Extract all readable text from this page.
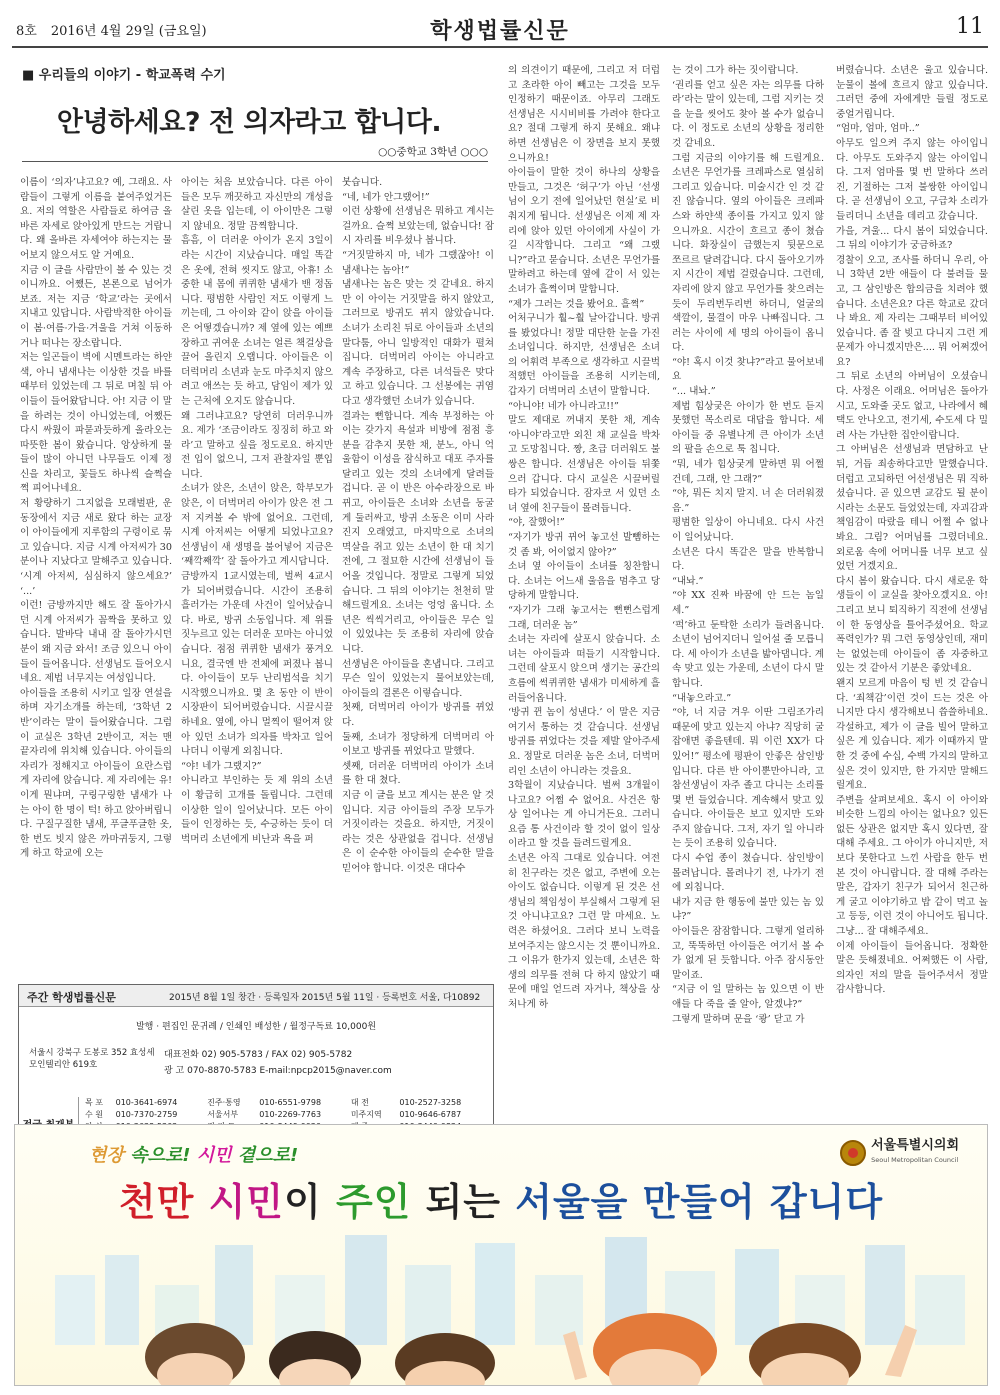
8호 2016년 4월 29일 (금요일)	학생법률신문	11
■ 우리들의 이야기 - 학교폭력 수기
안녕하세요? 전 의자라고 합니다.
○○중학교 3학년 ○○○

이름이 ‘의자’냐고요? 예, 그래요. 사람들이 그렇게 이름을 붙여주었거든요. 저의 역할은 사람들로 하여금 올바른 자세로 앉아있게 만드는 거랍니다. 왜 올바른 자세여야 하는지는 물어보지 않으셔도 알 거예요.

지금 이 글을 사람만이 볼 수 있는 것이니까요. 어쨌든, 본론으로 넘어가보죠. 저는 지금 ‘학교’라는 곳에서 지내고 있답니다. 사람박적한 아이들이 봄·여름·가을·겨울을 거쳐 이동하거나 떠나는 장소랍니다.

저는 일곤들이 벽에 시멘트라는 하얀색, 아니 냄새나는 이상한 것을 바를 때부터 있었는데 그 뒤로 며칠 뒤 아이들이 들어왔답니다. 아! 지금 이 말을 하려는 것이 아니었는데, 어쨌든 다시 싸웠이 파묻과듯하게 올라오는 따뜻한 봄이 왔습니다. 앙상하게 물들이 많이 아니던 나무들도 이제 정신을 차리고, 꽃들도 하나씩 슬쩍슬쩍 피어나네요.

저 황량하기 그지없을 모래벌판, 운동장에서 지금 새로 왔다 하는 교장이 아이들에게 지루함의 구령이로 묶고 있습니다. 지금 시계 아저씨가 30분이나 지났다고 말해주고 있습니다. ‘시계 아저씨, 심심하지 않으세요?’ ‘...’

이런! 금방까지만 해도 잘 돌아가시던 시계 아저씨가 꼼짝을 못하고 있습니다. 발바닥 내내 잘 돌아가시던 분이 왜 지금 와서! 조금 있으니 아이들이 들어옵니다. 선생님도 들어오시네요. 제법 너무지는 여성입니다.

아이들을 조용히 시키고 일장 연설을 하며 자기소개를 하는데, ‘3학년 2반’이라는 말이 들어왔습니다. 그럼 이 교실은 3학년 2반이고, 저는 맨 끝자리에 위치해 있습니다. 아이들의 자리가 정해지고 아이들이 요란스럽게 자리에 앉습니다. 제 자리에는 유! 이게 뭔냐며, 구링구링한 냄새가 나는 아이 한 명이 턱! 하고 앉아버립니다. 구질구질한 냄새, 푸글푸글한 옷, 한 번도 빗지 않은 까마귀둥지, 그렇게 하고 학교에 오는

아이는 처음 보았습니다. 다른 아이들은 모두 깨끗하고 자신만의 개성을 살린 옷을 입는데, 이 아이만은 그렇지 않네요. 정말 끔찍합니다.

흠흠, 이 더러운 아이가 온지 3일이라는 시간이 지났습니다. 매일 똑같은 옷에, 전혀 씻지도 않고, 아휴! 소중한 내 몸에 퀴퀴한 냄새가 밴 정돕니다. 평범한 사람인 저도 이렇게 느끼는데, 그 아이와 같이 앉을 아이들은 어떻겠습니까? 제 옆에 있는 예쁘장하고 귀여운 소녀는 얼른 책걸상을 끌어 올린지 오랩니다. 아이들은 이 더럭머리 소년과 눈도 마주치지 않으려고 애쓰는 듯 하고, 담임이 제가 있는 근처에 오지도 않습니다.

왜 그러냐고요? 당연히 더러우니까요. 제가 ‘조금이라도 징징히 하고 와라’고 말하고 싶을 정도로요. 하지만 전 입이 없으니, 그저 관찰자일 뿐입니다.

소녀가 앉은, 소년이 앉은, 학부모가 앉은, 이 더벅머리 아이가 앉은 전 그저 지켜볼 수 밖에 없어요. 그런데, 시계 아저씨는 어떻게 되었나고요? 선생님이 새 생명을 불어넣어 지금은 ‘째깍째깍’ 잘 돌아가고 계시답니다.

금방까지 1교시였는데, 벌써 4교시가 되어버렸습니다. 시간이 조용히 흘러가는 가운데 사건이 일어났습니다. 바로, 방귀 소동입니다. 제 위를 짓누르고 있는 더러운 꼬마는 아니었습니다. 점점 퀴퀴한 냄새가 풍겨오니요, 결국엔 반 전체에 퍼졌나 봅니다. 아이들이 모두 난리법석을 치기 시작했으니까요. 몇 초 동안 이 반이 시장판이 되어버렸습니다. 시끌시끌하네요. 옆에, 아니 멀찍이 떨어져 앉아 있던 소녀가 의자를 박차고 일어나더니 이렇게 외칩니다.

“야! 네가 그랬지?”

아니라고 부인하는 듯 제 위의 소년이 황급히 고개를 돌립니다. 그런데 이상한 일이 일어났니다. 모든 아이들이 인정하는 듯, 수긍하는 듯이 더벅머리 소년에게 비난과 욕을 퍼

붓습니다.

“네, 네가 안그랬어!”

이런 상황에 선생님은 뭐하고 계시는 걸까요. 슬쩍 보았는데, 없습니다! 잠시 자리를 비우셨나 봅니다.

“거짓말하지 마, 네가 그랬잖아! 이 냄새나는 놈아!”

냄새나는 놈은 맞는 것 같네요. 하지만 이 아이는 거짓말을 하지 않았고, 그러므로 방귀도 뀌지 않았습니다. 소녀가 소리친 뒤로 아이들과 소년의 말다툼, 아니 일방적인 대화가 펼쳐집니다. 더벅머리 아이는 아니라고 계속 주장하고, 다른 녀석들은 맞다고 하고 있습니다. 그 선봉에는 귀염다고 생각했던 소녀가 있습니다.

결과는 뻔합니다. 계속 부정하는 아이는 갖가지 욕설과 비방에 점점 흥분을 감추지 못한 채, 분노, 아니 억울함이 이성을 잠식하고 대포 주자를 달리고 있는 것의 소녀에게 달려들 겁니다. 곧 이 반은 아수라장으로 바뀌고, 아이들은 소녀와 소년을 동굴게 둘러싸고, 방귀 소동은 이미 사라진지 오래였고, 마지막으로 소녀의 멱살을 쥐고 있는 소년이 한 대 치기 전에, 그 절묘한 시간에 선생님이 들어올 것입니다. 정말로 그렇게 되었습니다. 그 뒤의 이야기는 천천히 말해드릴게요. 소녀는 엉엉 웁니다. 소년은 씩씩거리고, 아이들은 무슨 일이 있었냐는 듯 조용히 자리에 앉습니다.

선생님은 아이들을 혼냅니다. 그리고 무슨 일이 있었는지 물어보았는데, 아이들의 결론은 이렇습니다.

첫째, 더벅머리 아이가 방귀를 뀌었다.

둘째, 소녀가 정당하게 더벅머리 아이보고 방귀를 뀌었다고 말했다.

셋째, 더러운 더벅머리 아이가 소녀를 한 대 쳤다.

지금 이 글을 보고 계시는 분은 알 것입니다. 지금 아이들의 주장 모두가 거짓이라는 것을요. 하지만, 거짓이라는 것은 상관없을 겁니다. 선생님은 이 순수한 아이들의 순수한 말을 믿어야 합니다. 이것은 대다수

의 의견이기 때문에, 그리고 저 더럽고 초라한 아이 빼고는 그것을 모두 인정하기 때문이죠. 아무리 그래도 선생님은 시시비비를 가려야 한다고요? 절대 그렇게 하지 못해요. 왜냐하면 선생님은 이 장면을 보지 못했으니까요!

아이들이 말한 것이 하나의 상황을 만들고, 그것은 ‘허구’가 아닌 ‘선생님이 오기 전에 일어났던 현실’로 비춰지게 됩니다. 선생님은 이제 제 자리에 앉아 있던 아이에게 사실이 가길 시작합니다. 그리고 “왜 그랬니?”라고 묻습니다. 소년은 무언가를 말하려고 하는데 옆에 같이 서 있는 소녀가 흘쩍이며 말합니다.

“제가 그러는 것을 봤어요. 흘쩍”

어처구니가 훨~훨 날아갑니다. 방귀를 봤었다니! 정말 대단한 눈을 가진 소녀입니다. 하지만, 선생님은 소녀의 어휘력 부족으로 생각하고 시끌벅적했던 아이들을 조용히 시키는데, 갑자기 더벅머리 소년이 말합니다.

“아니야! 네가 아니라고!!”

말도 제대로 꺼내지 못한 채, 계속 ‘아니야’라고만 외친 채 교실을 박차고 도망칩니다. 짱, 초급 더러워도 불쌍은 합니다. 선생님은 아이들 뒤쫓으러 갑니다. 다시 교실은 시끌버릴 타가 되었습니다. 잠자코 서 있던 소녀 옆에 친구들이 몰려듭니다.

“야, 잘했어!”

“자기가 방귀 뀌어 놓고선 발뺌하는 것 좀 봐, 어이없지 않아?”

소녀 옆 아이들이 소녀를 칭찬합니다. 소녀는 어느새 울음을 멈추고 당당하게 말합니다.

“자기가 그래 놓고서는 뻔뻔스럽게 그래, 더러운 놈”

소녀는 자리에 살포시 앉습니다. 소녀는 아이들과 떠들기 시작합니다. 그런데 살포시 앉으며 생기는 공간의 흐름에 썩퀴퀴한 냄새가 미세하게 흘러들어옵니다.

‘방귀 뀐 놈이 성낸다.’ 이 말은 지금 여기서 통하는 것 같습니다. 선생님 방귀를 뀌었다는 것을 제발 알아주세요. 정말로 더러운 놈은 소녀, 더벅머리인 소년이 아니라는 것을요.

3학월이 지났습니다. 벌써 3개월이나고요? 어쩜 수 없어요. 사건은 항상 일어나는 게 아니거든요. 그러니요즘 통 사건이라 할 것이 없이 일상이라고 할 것을 들려드릴게요.

소년은 아직 그대로 있습니다. 여전히 친구라는 것은 없고, 주변에 오는 아이도 없습니다. 이렇게 된 것은 선생님의 책임성이 부실해서 그렇게 된 것 아니냐고요? 그런 말 마세요. 노력은 하셨어요. 그러다 보니 노력을 보여주지는 않으시는 것 뿐이니까요. 그 이유가 한가지 있는데, 소년은 학생의 의무를 전혀 다 하지 않았기 때문에 매일 얻드려 자거나, 책상을 상처나게 하

는 것이 그가 하는 짓이랍니다.

‘권리를 얻고 싶은 자는 의무를 다하라’라는 말이 있는데, 그럼 지키는 것을 눈을 씻어도 찾아 볼 수가 없습니다. 이 정도로 소년의 상황을 정리한 것 같네요.

그럼 지금의 이야기를 해 드릴게요. 소년은 무언가를 크레파스로 열심히 그리고 있습니다. 미술시간 인 것 같진 않습니다. 옆의 아이들은 크레파스와 하얀색 종이를 가지고 있지 않으니까요. 시간이 흐르고 종이 쳤습니다. 화장실이 급했는지 뒷문으로 쪼르르 달려갑니다. 다시 돌아오기까지 시간이 제법 걸렸습니다. 그런데, 자리에 앉지 않고 무언가를 찾으려는 듯이 두리번두리번 하더니, 얼굴의 색깔이, 물결이 마우 나빠집니다. 그러는 사이에 세 명의 아이들이 옵니다.

“야! 혹시 이것 찾냐?”라고 물어보네요

“... 내놔.”

제법 힘상궂은 아이가 한 번도 듣지 못했던 목소리로 대답을 합니다. 세 아이들 중 유별나게 큰 아이가 소년의 팔을 손으로 툭 칩니다.

“뭐, 네가 힘상궂게 말하면 뭐 어쩔건데, 그래, 안 그래?”

“야, 뭐든 치지 말지. 너 손 더러워졌음.”

평범한 일상이 아니네요. 다시 사건이 일어났니다.

소년은 다시 똑같은 말을 반복합니다.

“내놔.”

“야 XX 진짜 바꿈에 안 드는 놈일세.”

‘퍽’하고 둔탁한 소리가 들려옵니다. 소년이 넘어지더니 일어설 줄 모릅니다. 세 아이가 소년을 밟아댑니다. 계속 맞고 있는 가운데, 소년이 다시 말합니다.

“내놓으라고.”

“야, 너 지금 겨우 이딴 그림조가리 때문에 맞고 있는지 아냐? 직당히 굴잡애면 좋을텐데. 뭐 이런 XX가 다 있어!” 평소에 평판이 안좋은 삼인방입니다. 다른 반 아이뿐만아니라, 고참선생님이 자주 졸고 다니는 소리를 몇 번 들었습니다. 계속해서 맞고 있습니다. 아이들은 보고 있지만 도와주지 않습니다. 그저, 자기 일 아니라는 듯이 조용히 있습니다.

다시 수업 종이 쳤습니다. 삼인방이 몰려납니다. 몰려나기 전, 나가기 전에 외칩니다.

내가 지금 한 행동에 불만 있는 놈 있냐?”

아이들은 잠잠합니다. 그렇게 얼리하고, 뚝뚝하던 아이들은 여기서 볼 수가 없게 된 듯합니다. 아주 잠시동안 말이죠.

“지금 이 일 말하는 놈 있으면 이 반 애들 다 죽을 줄 알아, 알겠냐?”

그렇게 말하며 문을 ‘쾅’ 닫고 가

버렸습니다. 소년은 울고 있습니다. 눈물이 볼에 흐르지 않고 있습니다. 그러던 중에 자에게만 들릴 정도로 중얼거립니다.

“엄마, 엄마, 엄마..”

아무도 일으켜 주지 않는 아이입니다. 아무도 도와주지 않는 아이입니다. 그저 엄마를 몇 번 말하다 쓰러진, 기절하는 그저 불쌍한 아이입니다. 곧 선생님이 오고, 구급차 소리가 들리더니 소년을 데리고 갔습니다.

가을, 겨울... 다시 봄이 되었습니다. 그 뒤의 이야기가 궁금하죠?

경찰이 오고, 조사를 하더니 우리, 아니 3학년 2반 애들이 다 불려들 물고, 그 삼인방은 합의금을 치려야 했습니다. 소년은요? 다른 학교로 갔더나 봐요. 제 자리는 그때부터 비어있었습니다. 좀 잘 빚고 다니지 그런 게 문제가 아니겠지만은.... 뭐 어쩌겠어요?

그 뒤로 소년의 아버님이 오셨습니다. 사정은 이래요. 어머님은 돌아가시고, 도와줄 곳도 없고, 나라에서 혜택도 안나오고, 전기세, 수도세 다 밀려 사는 가난한 집안이랍니다.

그 아버님은 선생님과 면담하고 난 뒤, 거듭 죄송하다고만 말했습니다. 더럽고 고되하던 어선생님은 뭐 직하셨습니다. 곧 있으면 교감도 될 분이시라는 소문도 들었었는데, 자괴감과 책임감이 따랐을 테니 어쩔 수 없나봐요. 그림? 어머님를 그렸더네요. 외로움 속에 어머니를 너무 보고 싶었던 거겠지요.

다시 봄이 왔습니다. 다시 새로운 학생들이 이 교실을 찾아오겠지요. 아! 그리고 보니 퇴직하기 직전에 선생님이 한 동영상을 틀어주셨어요. 학교폭력인가? 뭐 그런 동영상인데, 재미는 없었는데 아이들이 좀 자중하고 있는 것 같아서 기분은 좋았네요.

왠지 모르게 마음이 텅 빈 것 같습니다. ‘죄책감’이런 것이 드는 것은 아니지만 다시 생각해보니 씁쓸하네요. 각설하고, 제가 이 글을 빌어 말하고 싶은 게 있습니다. 제가 이때까지 말한 것 중에 수십, 수백 가지의 말하고 싶은 것이 있지만, 한 가지만 말해드릴게요.

주변을 살펴보세요. 혹시 이 아이와 비슷한 느낌의 아이는 없나요? 있든 없든 상관은 없지만 혹시 있다면, 잘 대해 주세요. 그 아이가 아니지만, 저보다 못한다고 느낀 사람을 한두 번 본 것이 아니랍니다. 잘 대해 주라는 말은, 갑자기 친구가 되어서 친근하게 굴고 이야기하고 밥 같이 먹고 놀고 등등, 이런 것이 아니어도 됩니다. 그냥... 잘 대해주세요.

이제 아이들이 들어옵니다. 정확한 말은 듯해졌네요. 어쩌했든 이 사람, 의자인 저의 말을 들어주셔서 정말 감사합니다.

주간 학생법률신문	2015년 8월 1일 창간 · 등록일자 2015년 5월 11일 · 등록번호 서울, 다10892
발행 · 편집인 문귀례 / 인쇄인 배성한 / 월정구독료 10,000원
서울시 강북구 도봉로 352 효성세모인텔리안 619호
대표전화 02) 905-5783 / FAX 02) 905-5782
광 고 070-8870-5783 E-mail:npcp2015@naver.com
목 포	010-3641-6974	진주·통영	010-6551-9798	대 전	010-2527-3258
수 원	010-7370-2759	서울서부	010-2269-7763	미주지역	010-9646-6787

현장 속으로! 시민 곁으로!
천만 시민이 주인 되는 서울을 만들어 갑니다
서울특별시의회
Seoul Metropolitan Council
